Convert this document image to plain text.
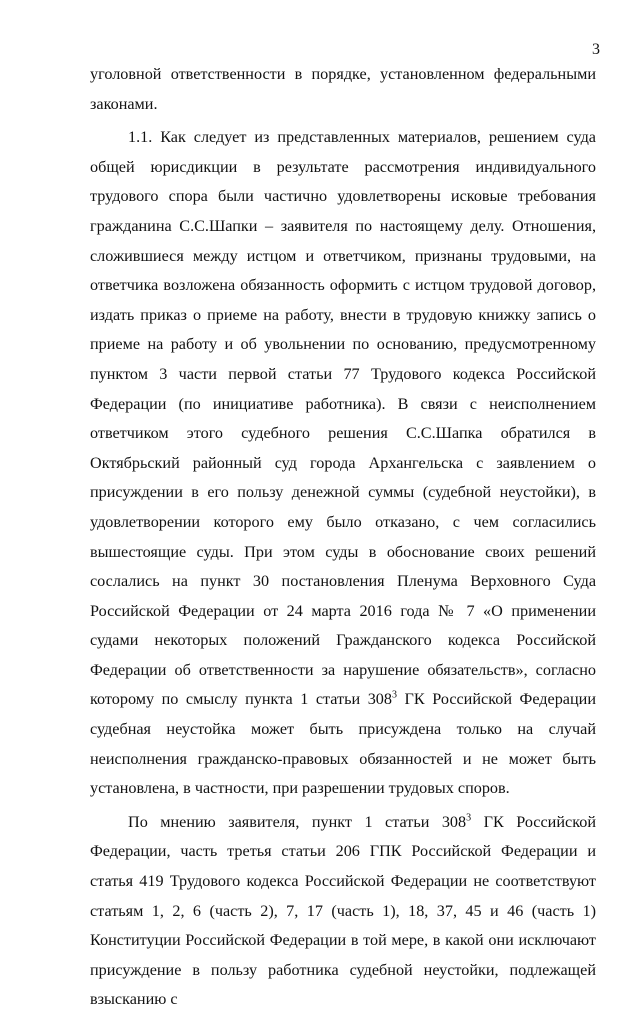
3

уголовной ответственности в порядке, установленном федеральными законами.

1.1. Как следует из представленных материалов, решением суда общей юрисдикции в результате рассмотрения индивидуального трудового спора были частично удовлетворены исковые требования гражданина С.С.Шапки – заявителя по настоящему делу. Отношения, сложившиеся между истцом и ответчиком, признаны трудовыми, на ответчика возложена обязанность оформить с истцом трудовой договор, издать приказ о приеме на работу, внести в трудовую книжку запись о приеме на работу и об увольнении по основанию, предусмотренному пунктом 3 части первой статьи 77 Трудового кодекса Российской Федерации (по инициативе работника). В связи с неисполнением ответчиком этого судебного решения С.С.Шапка обратился в Октябрьский районный суд города Архангельска с заявлением о присуждении в его пользу денежной суммы (судебной неустойки), в удовлетворении которого ему было отказано, с чем согласились вышестоящие суды. При этом суды в обоснование своих решений сослались на пункт 30 постановления Пленума Верховного Суда Российской Федерации от 24 марта 2016 года № 7 «О применении судами некоторых положений Гражданского кодекса Российской Федерации об ответственности за нарушение обязательств», согласно которому по смыслу пункта 1 статьи $308^3$ ГК Российской Федерации судебная неустойка может быть присуждена только на случай неисполнения гражданско-правовых обязанностей и не может быть установлена, в частности, при разрешении трудовых споров.

По мнению заявителя, пункт 1 статьи $308^3$ ГК Российской Федерации, часть третья статьи 206 ГПК Российской Федерации и статья 419 Трудового кодекса Российской Федерации не соответствуют статьям 1, 2, 6 (часть 2), 7, 17 (часть 1), 18, 37, 45 и 46 (часть 1) Конституции Российской Федерации в той мере, в какой они исключают присуждение в пользу работника судебной неустойки, подлежащей взысканию с
